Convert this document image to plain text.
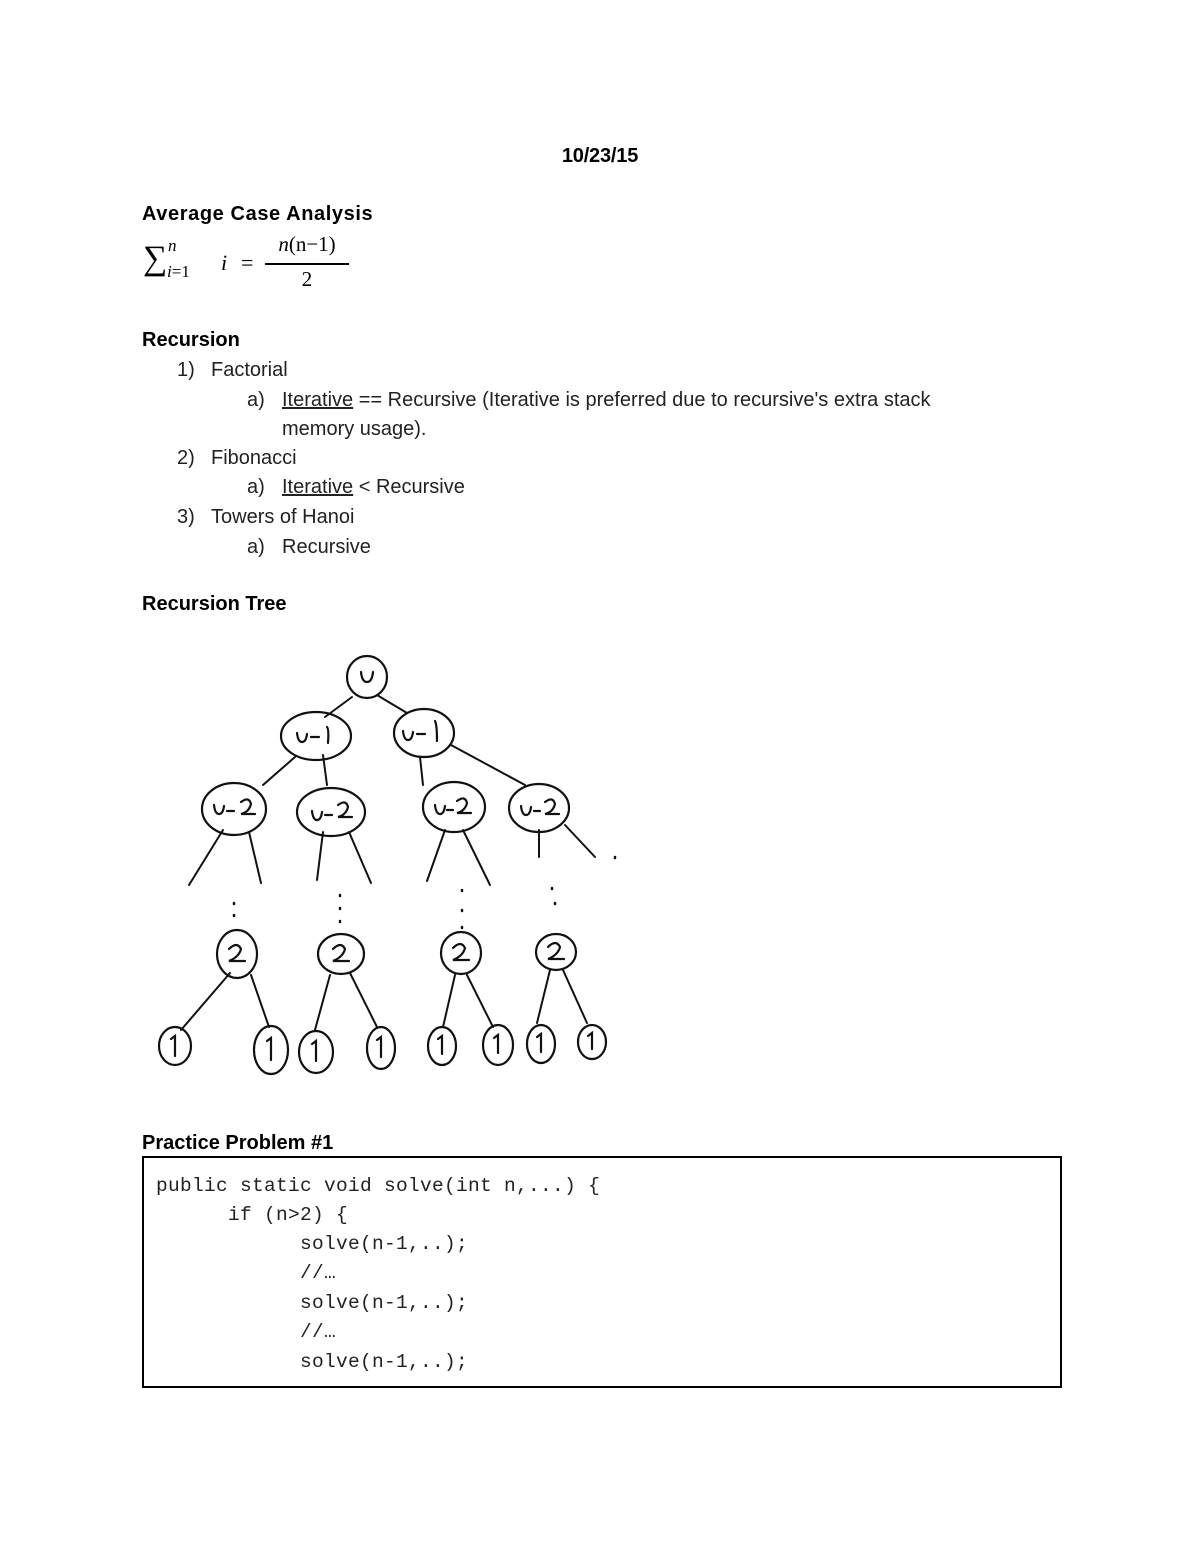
10/23/15
Average Case Analysis
∑ n
i=1 i =
n(n−1)
2
Recursion
1) Factorial
a) Iterative == Recursive (Iterative is preferred due to recursive's extra stack
memory usage).
2) Fibonacci
a) Iterative < Recursive
3) Towers of Hanoi
a) Recursive
Recursion Tree
Practice Problem #1
public static void solve(int n,...) {
if (n>2) {
solve(n-1,..);
//…
solve(n-1,..);
//…
solve(n-1,..);
